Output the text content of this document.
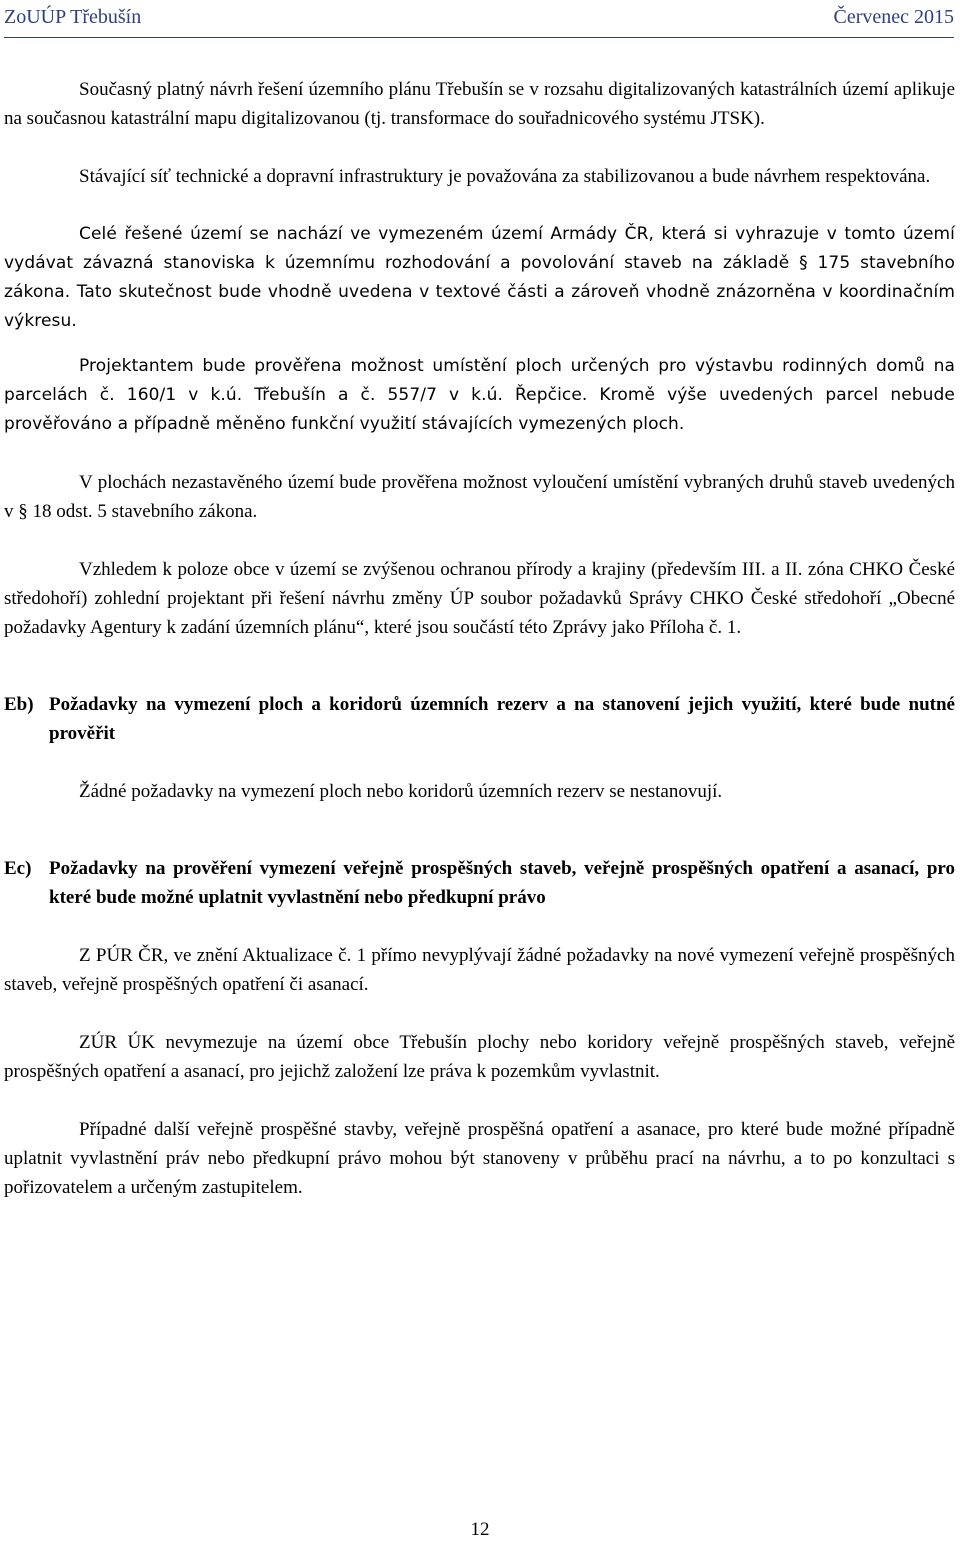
ZoUÚP Třebušín	Červenec 2015

Současný platný návrh řešení územního plánu Třebušín se v rozsahu digitalizovaných katastrálních území aplikuje na současnou katastrální mapu digitalizovanou (tj. transformace do souřadnicového systému JTSK).

Stávající síť technické a dopravní infrastruktury je považována za stabilizovanou a bude návrhem respektována.

Celé řešené území se nachází ve vymezeném území Armády ČR, která si vyhrazuje v tomto území vydávat závazná stanoviska k územnímu rozhodování a povolování staveb na základě § 175 stavebního zákona. Tato skutečnost bude vhodně uvedena v textové části a zároveň vhodně znázorněna v koordinačním výkresu.

Projektantem bude prověřena možnost umístění ploch určených pro výstavbu rodinných domů na parcelách č. 160/1 v k.ú. Třebušín a č. 557/7 v k.ú. Řepčice. Kromě výše uvedených parcel nebude prověřováno a případně měněno funkční využití stávajících vymezených ploch.

V plochách nezastavěného území bude prověřena možnost vyloučení umístění vybraných druhů staveb uvedených v § 18 odst. 5 stavebního zákona.

Vzhledem k poloze obce v území se zvýšenou ochranou přírody a krajiny (především III. a II. zóna CHKO České středohoří) zohlední projektant při řešení návrhu změny ÚP soubor požadavků Správy CHKO České středohoří „Obecné požadavky Agentury k zadání územních plánu“, které jsou součástí této Zprávy jako Příloha č. 1.

Eb) Požadavky na vymezení ploch a koridorů územních rezerv a na stanovení jejich využití, které bude nutné prověřit

Žádné požadavky na vymezení ploch nebo koridorů územních rezerv se nestanovují.

Ec) Požadavky na prověření vymezení veřejně prospěšných staveb, veřejně prospěšných opatření a asanací, pro které bude možné uplatnit vyvlastnění nebo předkupní právo

Z PÚR ČR, ve znění Aktualizace č. 1 přímo nevyplývají žádné požadavky na nové vymezení veřejně prospěšných staveb, veřejně prospěšných opatření či asanací.

ZÚR ÚK nevymezuje na území obce Třebušín plochy nebo koridory veřejně prospěšných staveb, veřejně prospěšných opatření a asanací, pro jejichž založení lze práva k pozemkům vyvlastnit.

Případné další veřejně prospěšné stavby, veřejně prospěšná opatření a asanace, pro které bude možné případně uplatnit vyvlastnění práv nebo předkupní právo mohou být stanoveny v průběhu prací na návrhu, a to po konzultaci s pořizovatelem a určeným zastupitelem.

12
